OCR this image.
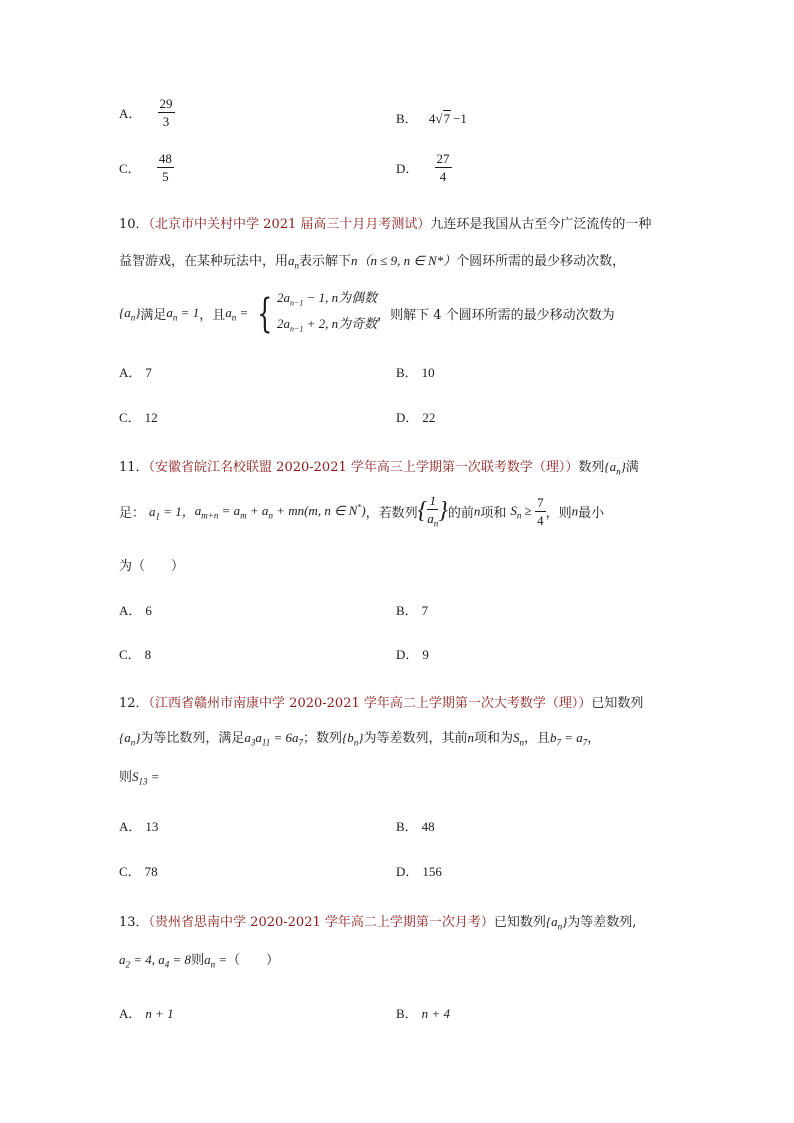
A． $\frac{29}{3}$	B． 4√7 −1
C． $\frac{48}{5}$	D． $\frac{27}{4}$
10．（北京市中关村中学 2021 届高三十月月考测试）九连环是我国从古至今广泛流传的一种
益智游戏，在某种玩法中，用$a_n$表示解下n（n ≤ 9, n ∈ N*）个圆环所需的最少移动次数，
$\{a_n\}$满足$a_n = 1$，且$a_n$ = { $2a_{n-1} - 1$, n为偶数
$2a_{n-1} + 2$, n为奇数 ，则解下 4 个圆环所需的最少移动次数为
A． 7	B． 10
C． 12	D． 22
11．（安徽省皖江名校联盟 2020-2021 学年高三上学期第一次联考数学（理））数列$\{a_n\}$满
足： $a_1 = 1$，$a_{m+n} = a_m + a_n + mn(m$, n ∈ N*)，若数列{ $\frac{1}{a_n}$ }的前n项和 $S_n \ge \frac{7}{4}$ ，则n最小
为（　　）
A． 6	B． 7
C． 8	D． 9
12．（江西省赣州市南康中学 2020-2021 学年高二上学期第一次大考数学（理））已知数列
$\{a_n\}$为等比数列，满足$a_3a_{11} = 6a_7$；数列$\{b_n\}$为等差数列，其前n项和为$S_n$，且$b_7 = a_7$，
则$S_{13}$ =
A． 13	B． 48
C． 78	D． 156
13．（贵州省思南中学 2020-2021 学年高二上学期第一次月考）已知数列$\{a_n\}$为等差数列,
$a_2 = 4$, $a_4 = 8$则$a_n$ =（　　）
A． n + 1	B． n + 4
